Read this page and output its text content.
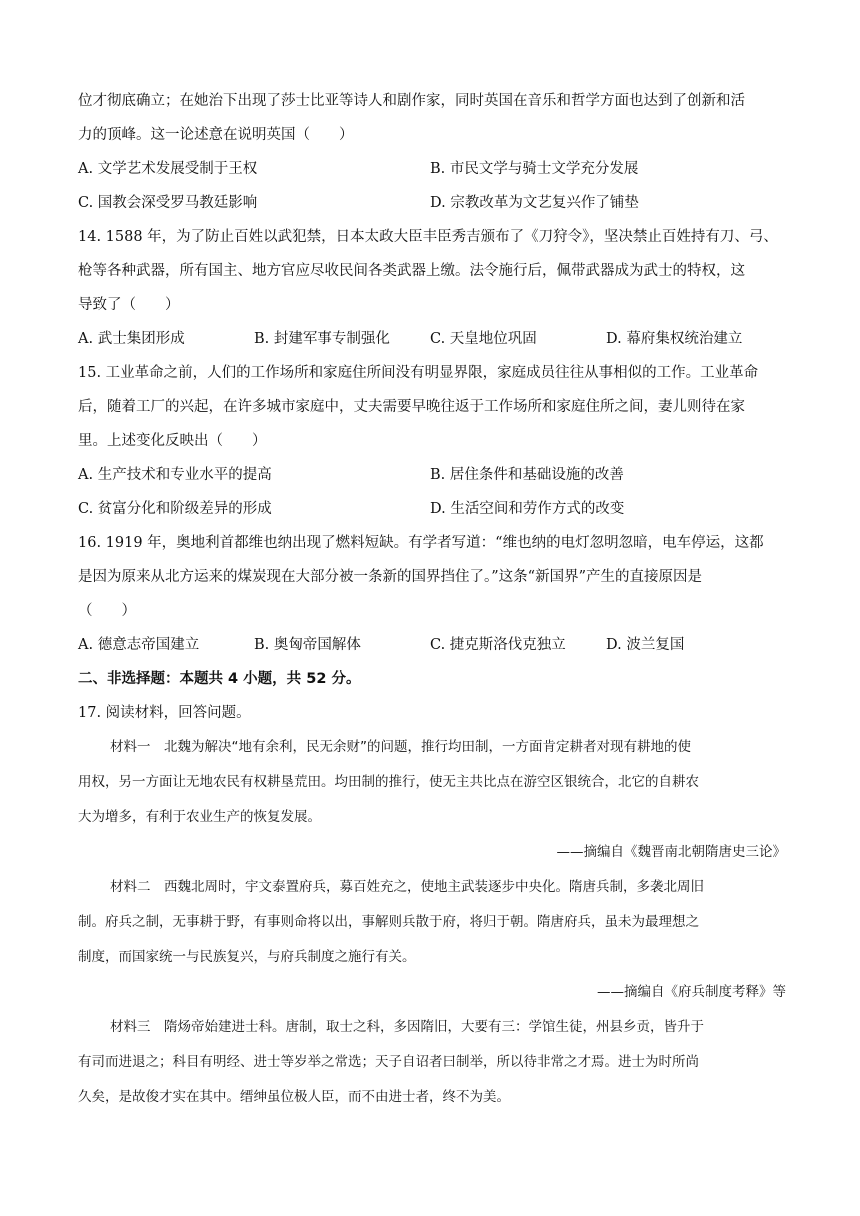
位才彻底确立；在她治下出现了莎士比亚等诗人和剧作家，同时英国在音乐和哲学方面也达到了创新和活
力的顶峰。这一论述意在说明英国（　　）
A. 文学艺术发展受制于王权	B. 市民文学与骑士文学充分发展
C. 国教会深受罗马教廷影响	D. 宗教改革为文艺复兴作了铺垫
14. 1588 年，为了防止百姓以武犯禁，日本太政大臣丰臣秀吉颁布了《刀狩令》，坚决禁止百姓持有刀、弓、
枪等各种武器，所有国主、地方官应尽收民间各类武器上缴。法令施行后，佩带武器成为武士的特权，这
导致了（　　）
A. 武士集团形成	B. 封建军事专制强化	C. 天皇地位巩固	D. 幕府集权统治建立
15. 工业革命之前，人们的工作场所和家庭住所间没有明显界限，家庭成员往往从事相似的工作。工业革命
后，随着工厂的兴起，在许多城市家庭中，丈夫需要早晚往返于工作场所和家庭住所之间，妻儿则待在家
里。上述变化反映出（　　）
A. 生产技术和专业水平的提高	B. 居住条件和基础设施的改善
C. 贫富分化和阶级差异的形成	D. 生活空间和劳作方式的改变
16. 1919 年，奥地利首都维也纳出现了燃料短缺。有学者写道：“维也纳的电灯忽明忽暗，电车停运，这都
是因为原来从北方运来的煤炭现在大部分被一条新的国界挡住了。”这条“新国界”产生的直接原因是
（　　）
A. 德意志帝国建立	B. 奥匈帝国解体	C. 捷克斯洛伐克独立	D. 波兰复国
二、非选择题：本题共 4 小题，共 52 分。
17. 阅读材料，回答问题。
材料一　北魏为解决“地有余利，民无余财”的问题，推行均田制，一方面肯定耕者对现有耕地的使
用权，另一方面让无地农民有权耕垦荒田。均田制的推行，使无主共比点在游空区银统合，北它的自耕农
大为增多，有利于农业生产的恢复发展。
——摘编自《魏晋南北朝隋唐史三论》
材料二　西魏北周时，宇文泰置府兵，募百姓充之，使地主武装逐步中央化。隋唐兵制，多袭北周旧
制。府兵之制，无事耕于野，有事则命将以出，事解则兵散于府，将归于朝。隋唐府兵，虽未为最理想之
制度，而国家统一与民族复兴，与府兵制度之施行有关。
——摘编自《府兵制度考释》等
材料三　隋炀帝始建进士科。唐制，取士之科，多因隋旧，大要有三：学馆生徒，州县乡贡，皆升于
有司而进退之；科目有明经、进士等岁举之常选；天子自诏者曰制举，所以待非常之才焉。进士为时所尚
久矣，是故俊才实在其中。缙绅虽位极人臣，而不由进士者，终不为美。
